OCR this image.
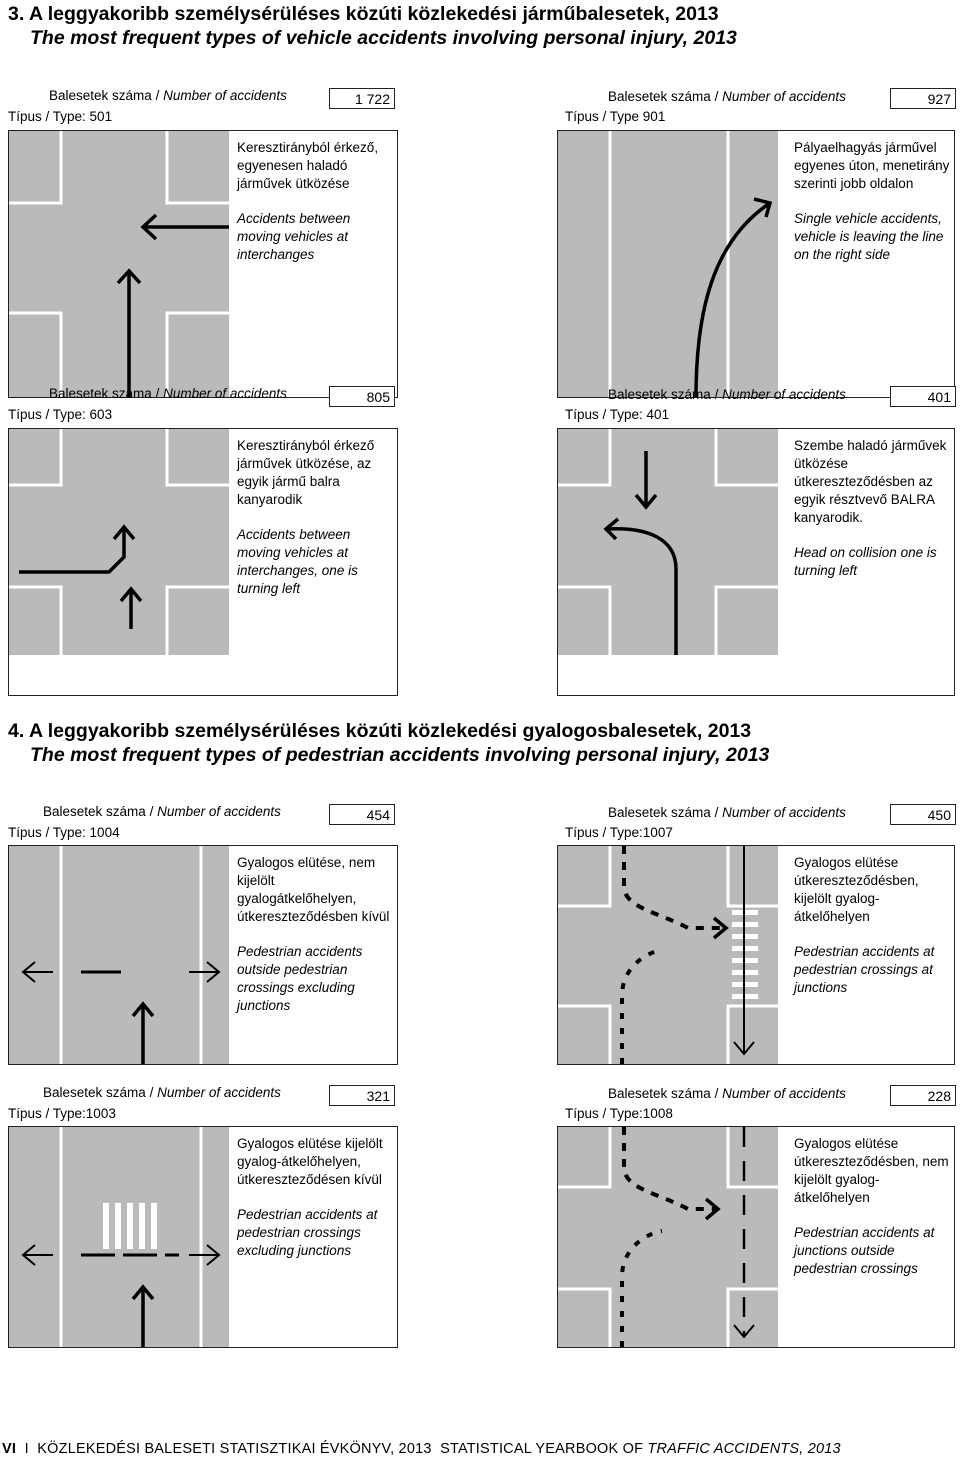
3. A leggyakoribb személysérüléses közúti közlekedési járműbalesetek, 2013
The most frequent types of vehicle accidents involving personal injury, 2013
4. A leggyakoribb személysérüléses közúti közlekedési gyalogosbalesetek, 2013
The most frequent types of pedestrian accidents involving personal injury, 2013
Balesetek száma / Number of accidents	1 722
Típus / Type: 501

Keresztirányból érkező, egyenesen haladó járművek ütközése

Accidents between moving vehicles at interchanges

Balesetek száma / Number of accidents	927
Típus / Type 901

Pályaelhagyás járművel egyenes úton, menetirány szerinti jobb oldalon

Single vehicle accidents, vehicle is leaving the line on the right side

Balesetek száma / Number of accidents	805
Típus / Type: 603

Keresztirányból érkező járművek ütközése, az egyik jármű balra kanyarodik

Accidents between moving vehicles at interchanges, one is turning left

Balesetek száma / Number of accidents	401
Típus / Type: 401

Szembe haladó járművek ütközése útkereszteződésben az egyik résztvevő BALRA kanyarodik.

Head on collision one is turning left

Balesetek száma / Number of accidents	454
Típus / Type: 1004

Gyalogos elütése, nem kijelölt gyalogátkelőhelyen, útkereszteződésben kívül

Pedestrian accidents outside pedestrian crossings excluding junctions

Balesetek száma / Number of accidents	450
Típus / Type:1007

Gyalogos elütése útkereszteződésben, kijelölt gyalog-átkelőhelyen

Pedestrian accidents at pedestrian crossings at junctions

Balesetek száma / Number of accidents	321
Típus / Type:1003

Gyalogos elütése kijelölt gyalog-átkelőhelyen, útkereszteződésen kívül

Pedestrian accidents at pedestrian crossings excluding junctions

Balesetek száma / Number of accidents	228
Típus / Type:1008

Gyalogos elütése útkereszteződésben, nem kijelölt gyalog-átkelőhelyen

Pedestrian accidents at junctions outside pedestrian crossings

VI I KÖZLEKEDÉSI BALESETI STATISZTIKAI ÉVKÖNYV, 2013 STATISTICAL YEARBOOK OF TRAFFIC ACCIDENTS, 2013
